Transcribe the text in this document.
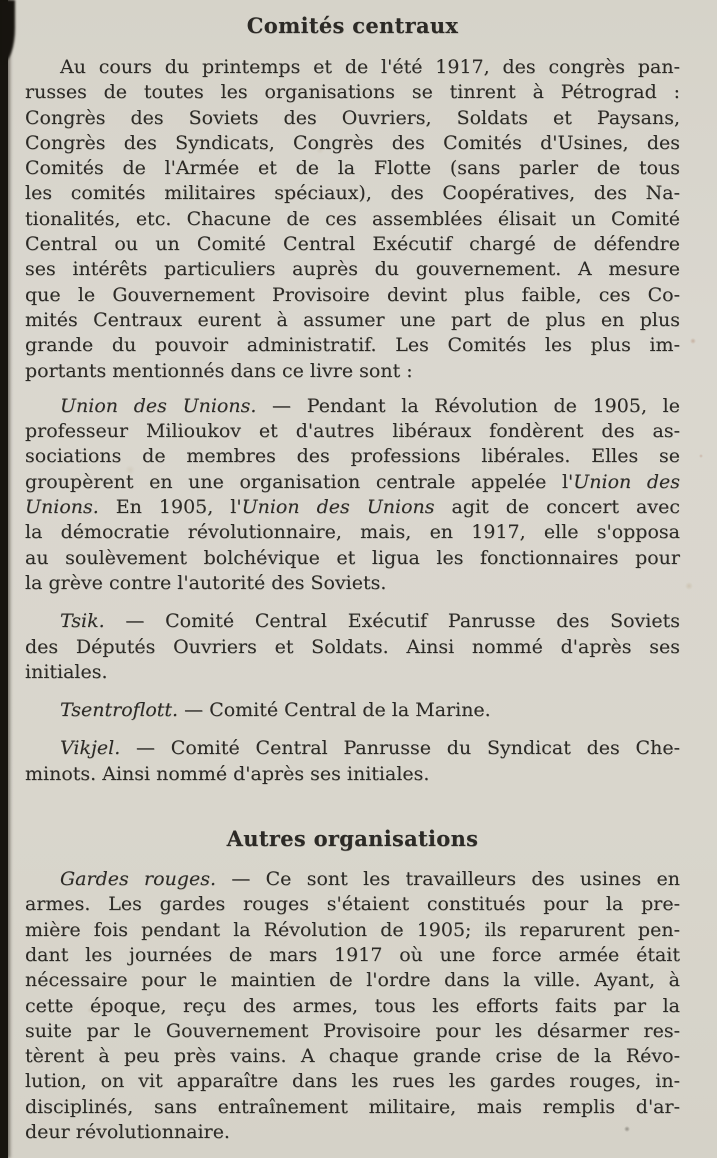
Comités centraux
Au cours du printemps et de l'été 1917, des congrès pan-
russes de toutes les organisations se tinrent à Pétrograd :
Congrès des Soviets des Ouvriers, Soldats et Paysans,
Congrès des Syndicats, Congrès des Comités d'Usines, des
Comités de l'Armée et de la Flotte (sans parler de tous
les comités militaires spéciaux), des Coopératives, des Na-
tionalités, etc. Chacune de ces assemblées élisait un Comité
Central ou un Comité Central Exécutif chargé de défendre
ses intérêts particuliers auprès du gouvernement. A mesure
que le Gouvernement Provisoire devint plus faible, ces Co-
mités Centraux eurent à assumer une part de plus en plus
grande du pouvoir administratif. Les Comités les plus im-
portants mentionnés dans ce livre sont :
Union des Unions. — Pendant la Révolution de 1905, le
professeur Milioukov et d'autres libéraux fondèrent des as-
sociations de membres des professions libérales. Elles se
groupèrent en une organisation centrale appelée l'Union des
Unions. En 1905, l'Union des Unions agit de concert avec
la démocratie révolutionnaire, mais, en 1917, elle s'opposa
au soulèvement bolchévique et ligua les fonctionnaires pour
la grève contre l'autorité des Soviets.
Tsik. — Comité Central Exécutif Panrusse des Soviets
des Députés Ouvriers et Soldats. Ainsi nommé d'après ses
initiales.
Tsentroflott. — Comité Central de la Marine.
Vikjel. — Comité Central Panrusse du Syndicat des Che-
minots. Ainsi nommé d'après ses initiales.
Autres organisations
Gardes rouges. — Ce sont les travailleurs des usines en
armes. Les gardes rouges s'étaient constitués pour la pre-
mière fois pendant la Révolution de 1905; ils reparurent pen-
dant les journées de mars 1917 où une force armée était
nécessaire pour le maintien de l'ordre dans la ville. Ayant, à
cette époque, reçu des armes, tous les efforts faits par la
suite par le Gouvernement Provisoire pour les désarmer res-
tèrent à peu près vains. A chaque grande crise de la Révo-
lution, on vit apparaître dans les rues les gardes rouges, in-
disciplinés, sans entraînement militaire, mais remplis d'ar-
deur révolutionnaire.
